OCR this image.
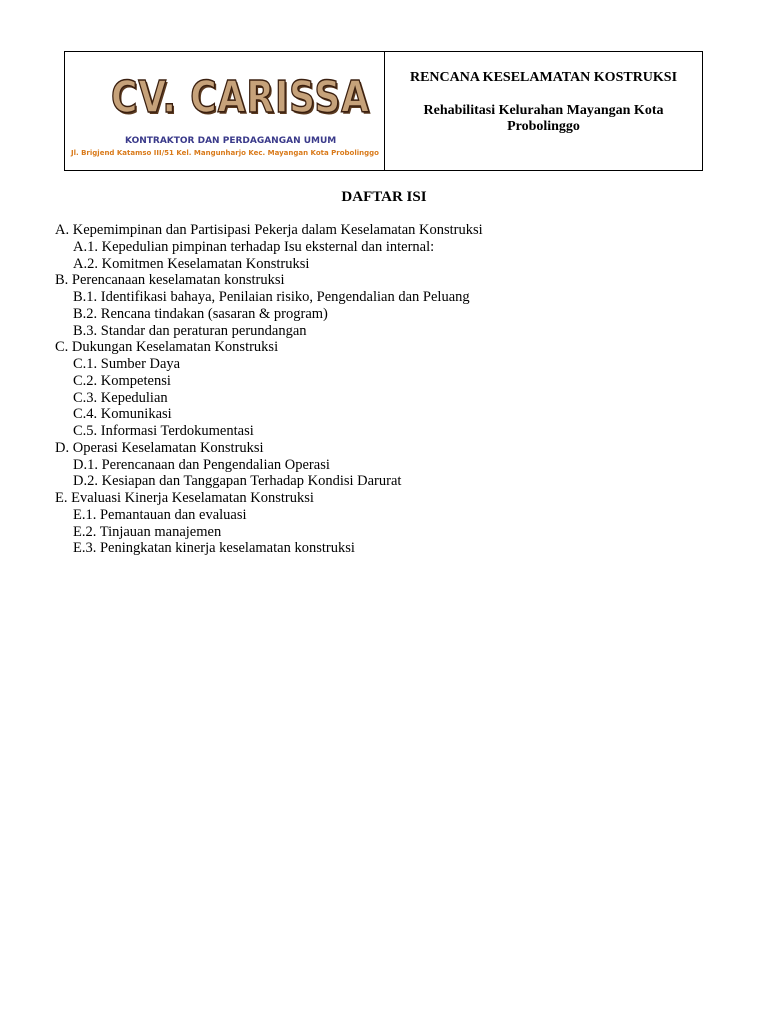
CV. CARISSA
KONTRAKTOR DAN PERDAGANGAN UMUM
Jl. Brigjend Katamso III/51 Kel. Mangunharjo Kec. Mayangan Kota Probolinggo
RENCANA KESELAMATAN KOSTRUKSI
Rehabilitasi Kelurahan Mayangan Kota Probolinggo
DAFTAR ISI
A. Kepemimpinan dan Partisipasi Pekerja dalam Keselamatan Konstruksi
A.1. Kepedulian pimpinan terhadap Isu eksternal dan internal:
A.2. Komitmen Keselamatan Konstruksi
B. Perencanaan keselamatan konstruksi
B.1. Identifikasi bahaya, Penilaian risiko, Pengendalian dan Peluang
B.2. Rencana tindakan (sasaran & program)
B.3. Standar dan peraturan perundangan
C. Dukungan Keselamatan Konstruksi
C.1. Sumber Daya
C.2. Kompetensi
C.3. Kepedulian
C.4. Komunikasi
C.5. Informasi Terdokumentasi
D. Operasi Keselamatan Konstruksi
D.1. Perencanaan dan Pengendalian Operasi
D.2. Kesiapan dan Tanggapan Terhadap Kondisi Darurat
E. Evaluasi Kinerja Keselamatan Konstruksi
E.1. Pemantauan dan evaluasi
E.2. Tinjauan manajemen
E.3. Peningkatan kinerja keselamatan konstruksi
